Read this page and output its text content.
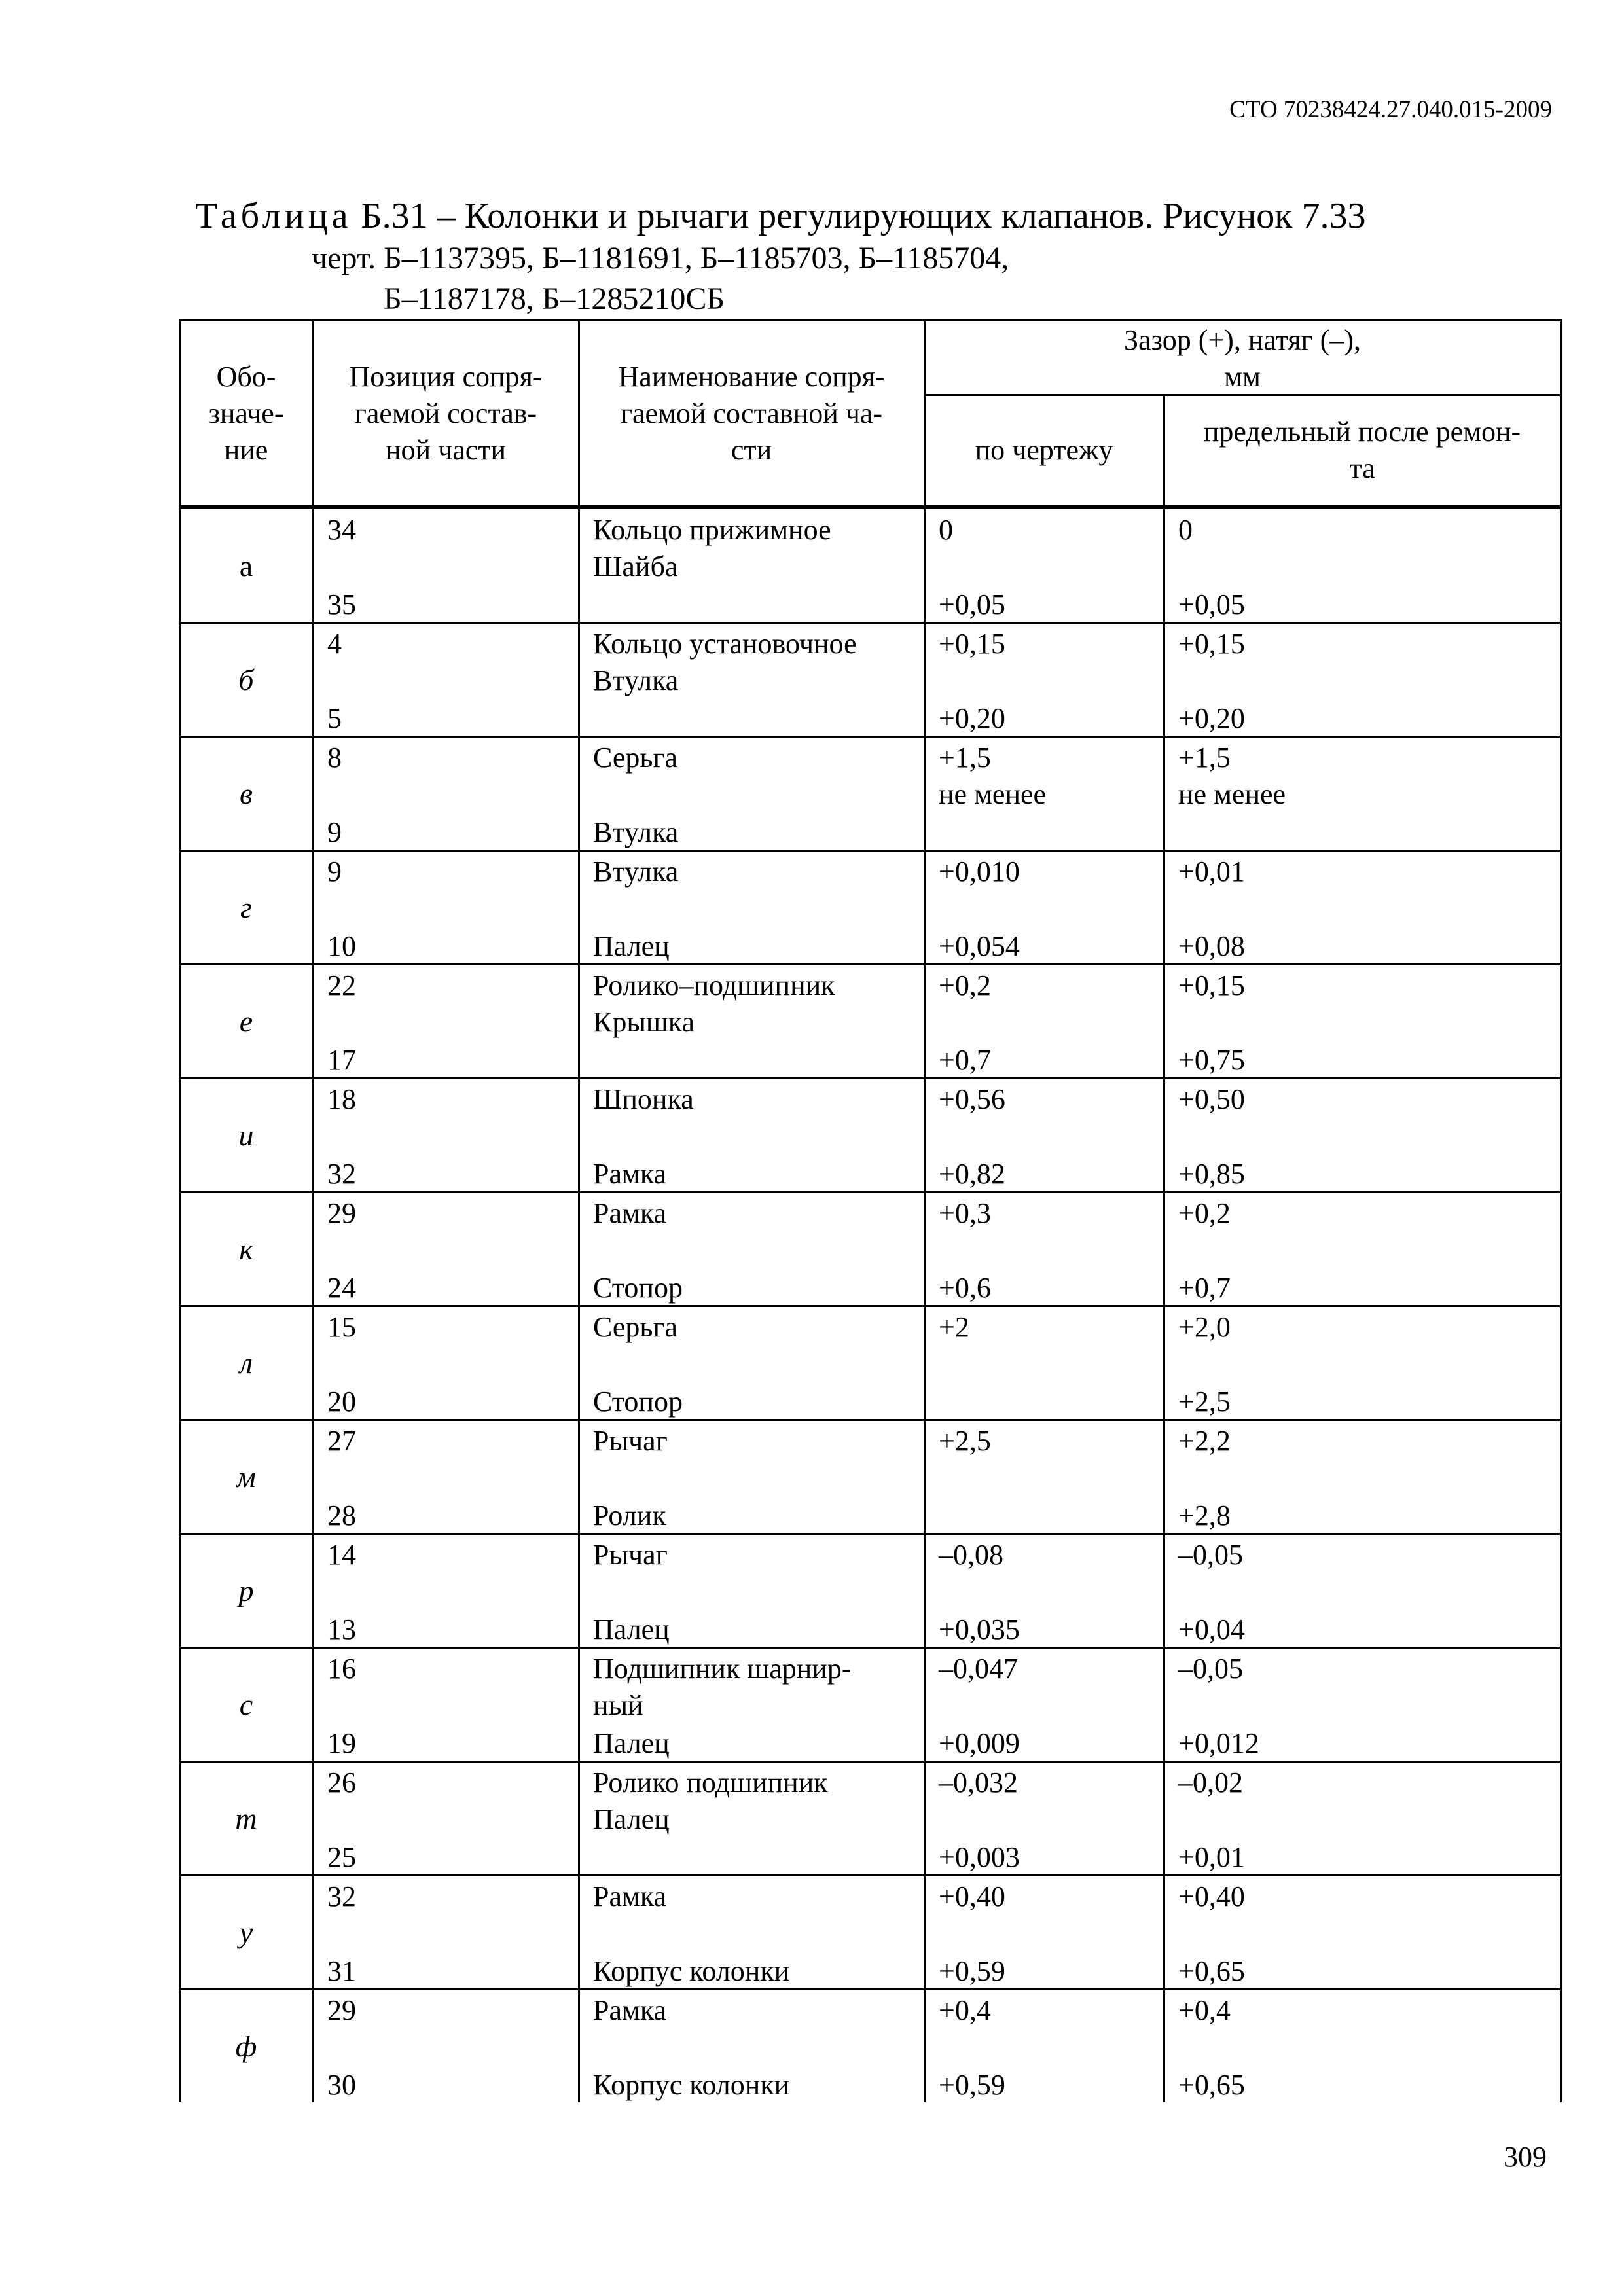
СТО 70238424.27.040.015-2009
Таблица Б.31 – Колонки и рычаги регулирующих клапанов. Рисунок 7.33
черт. Б–1137395, Б–1181691, Б–1185703, Б–1185704,
Б–1187178, Б–1285210СБ
Обо-
значе-
ние
Позиция сопря-
гаемой состав-
ной части
Наименование сопря-
гаемой составной ча-
сти
Зазор (+), натяг (–),
мм
по чертежу
предельный после ремон-
та
а
34
35
Кольцо прижимное
Шайба
0
+0,05
0
+0,05
б
4
5
Кольцо установочное
Втулка
+0,15
+0,20
+0,15
+0,20
в
8
9
Серьга
Втулка
+1,5
не менее
+1,5
не менее
г
9
10
Втулка
Палец
+0,010
+0,054
+0,01
+0,08
е
22
17
Ролико–подшипник
Крышка
+0,2
+0,7
+0,15
+0,75
и
18
32
Шпонка
Рамка
+0,56
+0,82
+0,50
+0,85
к
29
24
Рамка
Стопор
+0,3
+0,6
+0,2
+0,7
л
15
20
Серьга
Стопор
+2	+2,0
+2,5
м
27
28
Рычаг
Ролик
+2,5	+2,2
+2,8
р
14
13
Рычаг
Палец
–0,08
+0,035
–0,05
+0,04
с
16
19
Подшипник шарнир-
ный
Палец
–0,047
+0,009
–0,05
+0,012
т
26
25
Ролико подшипник
Палец
–0,032
+0,003
–0,02
+0,01
у
32
31
Рамка
Корпус колонки
+0,40
+0,59
+0,40
+0,65
ф
29
30
Рамка
Корпус колонки
+0,4
+0,59
+0,4
+0,65
309
